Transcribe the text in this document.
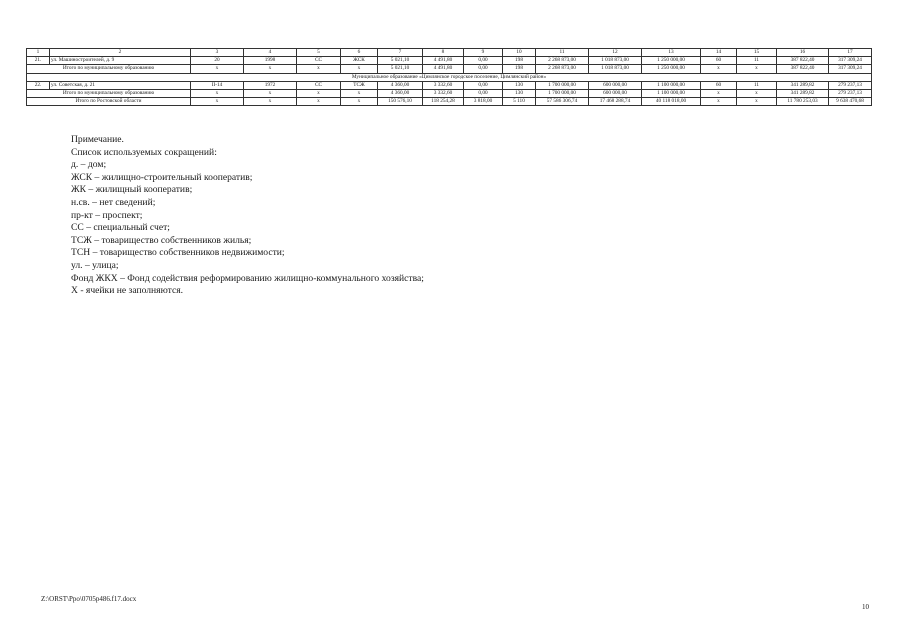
1	2	3	4	5	6	7	8	9	10	11	12	13	14	15	16	17
21.	ул. Машиностроителей, д. 9	20	1998	СС	ЖСК	5 021,10	4 491,80	0,00	198	2 268 873,00	1 018 873,00	1 250 000,00	60	11	387 822,40	317 309,24
Итого по муниципальному образованию		х	х	х	х	5 021,10	4 491,80	0,00	198	2 268 873,00	1 018 873,00	1 250 000,00	х	х	387 822,40	317 309,24
Муниципальное образование «Цимлянское городское поселение, Цимлянский район»																
22.	ул. Советская, д. 21	II-14	1972	СС	ТСЖ	4 360,00	3 332,60	0,00	130	1 700 000,00	600 000,00	1 100 000,00	60	11	341 289,82	279 237,13
Итого по муниципальному образованию		х	х	х	х	4 360,00	3 332,60	0,00	130	1 700 000,00	600 000,00	1 100 000,00	х	х	341 289,82	279 237,13
Итого по Ростовской области		х	х	х	х	150 576,10	118 254,28	3 818,00	5 110	57 586 306,74	17 468 288,74	40 118 018,00	х	х	11 780 253,03	9 638 470,68
Примечание.
Список используемых сокращений:
д. – дом;
ЖСК – жилищно-строительный кооператив;
ЖК – жилищный кооператив;
н.св. – нет сведений;
пр-кт – проспект;
СС – специальный счет;
ТСЖ – товарищество собственников жилья;
ТСН – товарищество собственников недвижимости;
ул. – улица;
Фонд ЖКХ – Фонд содействия реформированию жилищно-коммунального хозяйства;
Х - ячейки не заполняются.
Z:\ORST\Ppo\0705p486.f17.docx
10
